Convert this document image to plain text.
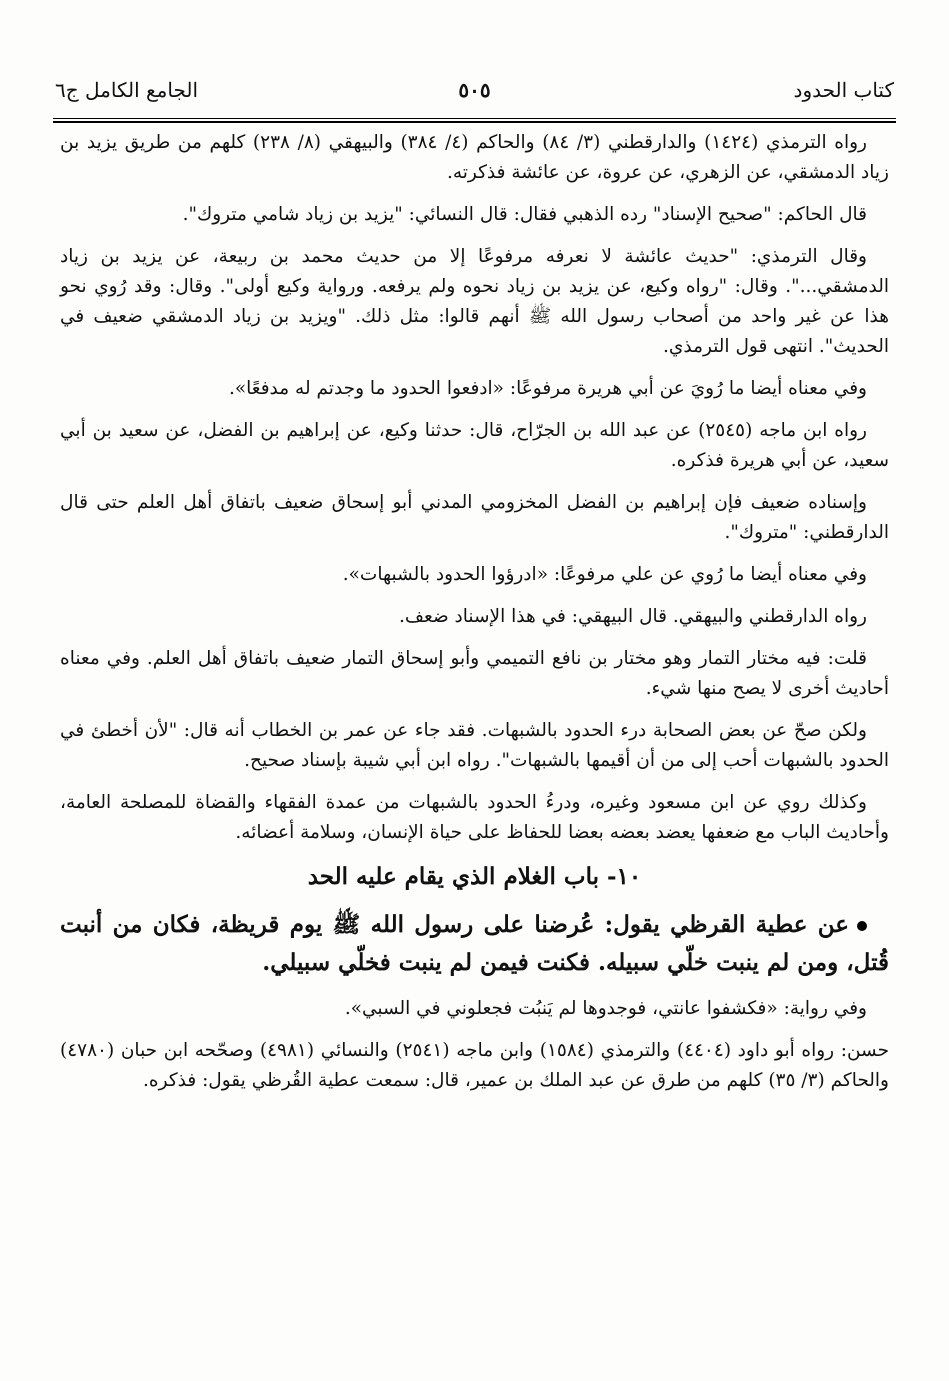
كتاب الحدود
٥٠٥
الجامع الكامل ج٦

رواه الترمذي (١٤٢٤) والدارقطني (٣/ ٨٤) والحاكم (٤/ ٣٨٤) والبيهقي (٨/ ٢٣٨) كلهم من طريق يزيد بن زياد الدمشقي، عن الزهري، عن عروة، عن عائشة فذكرته.

قال الحاكم: "صحيح الإسناد" رده الذهبي فقال: قال النسائي: "يزيد بن زياد شامي متروك".

وقال الترمذي: "حديث عائشة لا نعرفه مرفوعًا إلا من حديث محمد بن ربيعة، عن يزيد بن زياد الدمشقي...". وقال: "رواه وكيع، عن يزيد بن زياد نحوه ولم يرفعه. ورواية وكيع أولى". وقال: وقد رُوي نحو هذا عن غير واحد من أصحاب رسول الله ﷺ أنهم قالوا: مثل ذلك. "ويزيد بن زياد الدمشقي ضعيف في الحديث". انتهى قول الترمذي.

وفي معناه أيضا ما رُويَ عن أبي هريرة مرفوعًا: «ادفعوا الحدود ما وجدتم له مدفعًا».

رواه ابن ماجه (٢٥٤٥) عن عبد الله بن الجرّاح، قال: حدثنا وكيع، عن إبراهيم بن الفضل، عن سعيد بن أبي سعيد، عن أبي هريرة فذكره.

وإسناده ضعيف فإن إبراهيم بن الفضل المخزومي المدني أبو إسحاق ضعيف باتفاق أهل العلم حتى قال الدارقطني: "متروك".

وفي معناه أيضا ما رُوي عن علي مرفوعًا: «ادرؤوا الحدود بالشبهات».

رواه الدارقطني والبيهقي. قال البيهقي: في هذا الإسناد ضعف.

قلت: فيه مختار التمار وهو مختار بن نافع التميمي وأبو إسحاق التمار ضعيف باتفاق أهل العلم. وفي معناه أحاديث أخرى لا يصح منها شيء.

ولكن صحّ عن بعض الصحابة درء الحدود بالشبهات. فقد جاء عن عمر بن الخطاب أنه قال: "لأن أخطئ في الحدود بالشبهات أحب إلى من أن أقيمها بالشبهات". رواه ابن أبي شيبة بإسناد صحيح.

وكذلك روي عن ابن مسعود وغيره، ودرءُ الحدود بالشبهات من عمدة الفقهاء والقضاة للمصلحة العامة، وأحاديث الباب مع ضعفها يعضد بعضه بعضا للحفاظ على حياة الإنسان، وسلامة أعضائه.

١٠- باب الغلام الذي يقام عليه الحد

عن عطية القرظي يقول: عُرضنا على رسول الله ﷺ يوم قريظة، فكان من أنبت قُتل، ومن لم ينبت خلّي سبيله. فكنت فيمن لم ينبت فخلّي سبيلي.

وفي رواية: «فكشفوا عانتي، فوجدوها لم يَنبُت فجعلوني في السبي».

حسن: رواه أبو داود (٤٤٠٤) والترمذي (١٥٨٤) وابن ماجه (٢٥٤١) والنسائي (٤٩٨١) وصحّحه ابن حبان (٤٧٨٠) والحاكم (٣/ ٣٥) كلهم من طرق عن عبد الملك بن عمير، قال: سمعت عطية القُرظي يقول: فذكره.
